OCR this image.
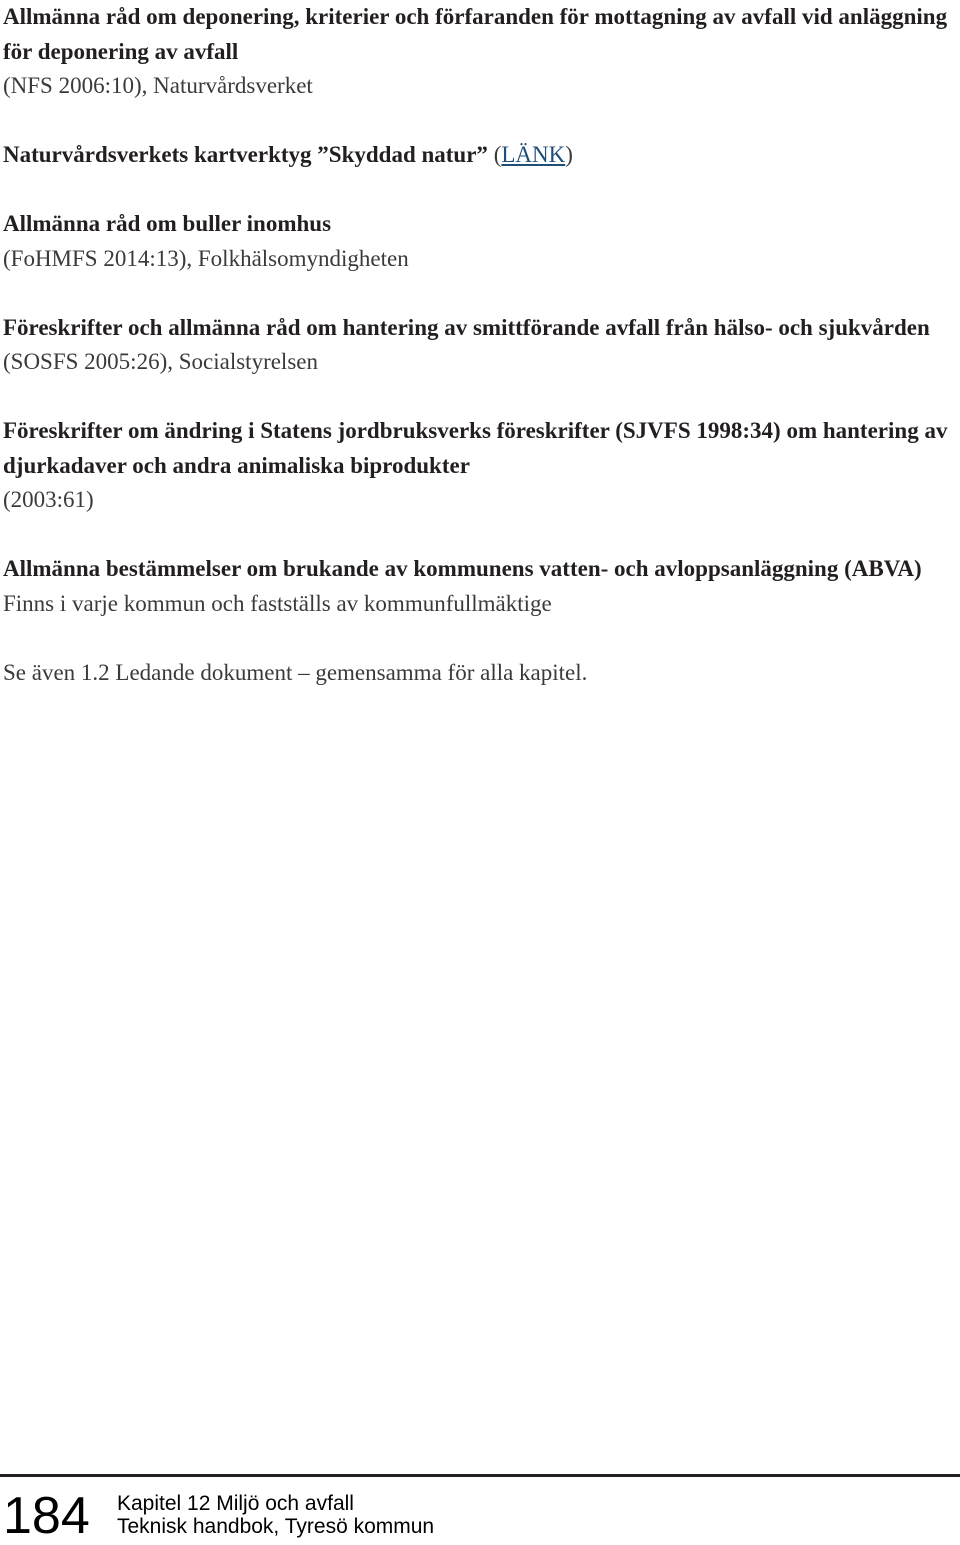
Allmänna råd om deponering, kriterier och förfaranden för mottagning av avfall vid anläggning för deponering av avfall
(NFS 2006:10), Naturvårdsverket
Naturvårdsverkets kartverktyg ”Skyddad natur” (LÄNK)
Allmänna råd om buller inomhus
(FoHMFS 2014:13), Folkhälsomyndigheten
Föreskrifter och allmänna råd om hantering av smittförande avfall från hälso- och sjukvården
(SOSFS 2005:26), Socialstyrelsen
Föreskrifter om ändring i Statens jordbruksverks föreskrifter (SJVFS 1998:34) om hantering av djurkadaver och andra animaliska biprodukter
(2003:61)
Allmänna bestämmelser om brukande av kommunens vatten- och avloppsanläggning (ABVA)
Finns i varje kommun och fastställs av kommunfullmäktige
Se även 1.2 Ledande dokument – gemensamma för alla kapitel.
184 Kapitel 12 Miljö och avfall
Teknisk handbok, Tyresö kommun
